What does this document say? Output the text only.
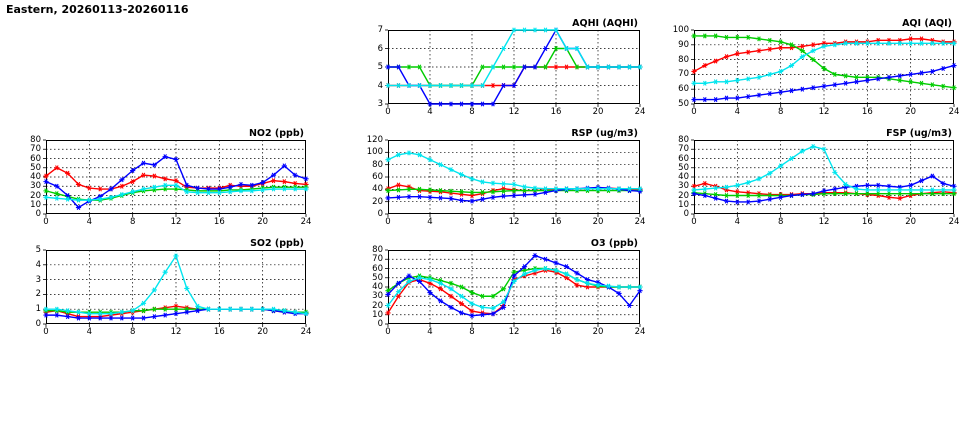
Eastern, 20260113-20260116
3
4
5
6
7
0	4	8	12	16	20	24
AQHI (AQHI)
50
60
70
80
90
100
0	4	8	12	16	20	24
AQI (AQI)
0
10
20
30
40
50
60
70
80
0	4	8	12	16	20	24
NO2 (ppb)
0
20
40
60
80
100
120
0	4	8	12	16	20	24
RSP (ug/m3)
0
10
20
30
40
50
60
70
80
0	4	8	12	16	20	24
FSP (ug/m3)
0
1
2
3
4
5
0	4	8	12	16	20	24
SO2 (ppb)
0
10
20
30
40
50
60
70
80
0	4	8	12	16	20	24
O3 (ppb)
